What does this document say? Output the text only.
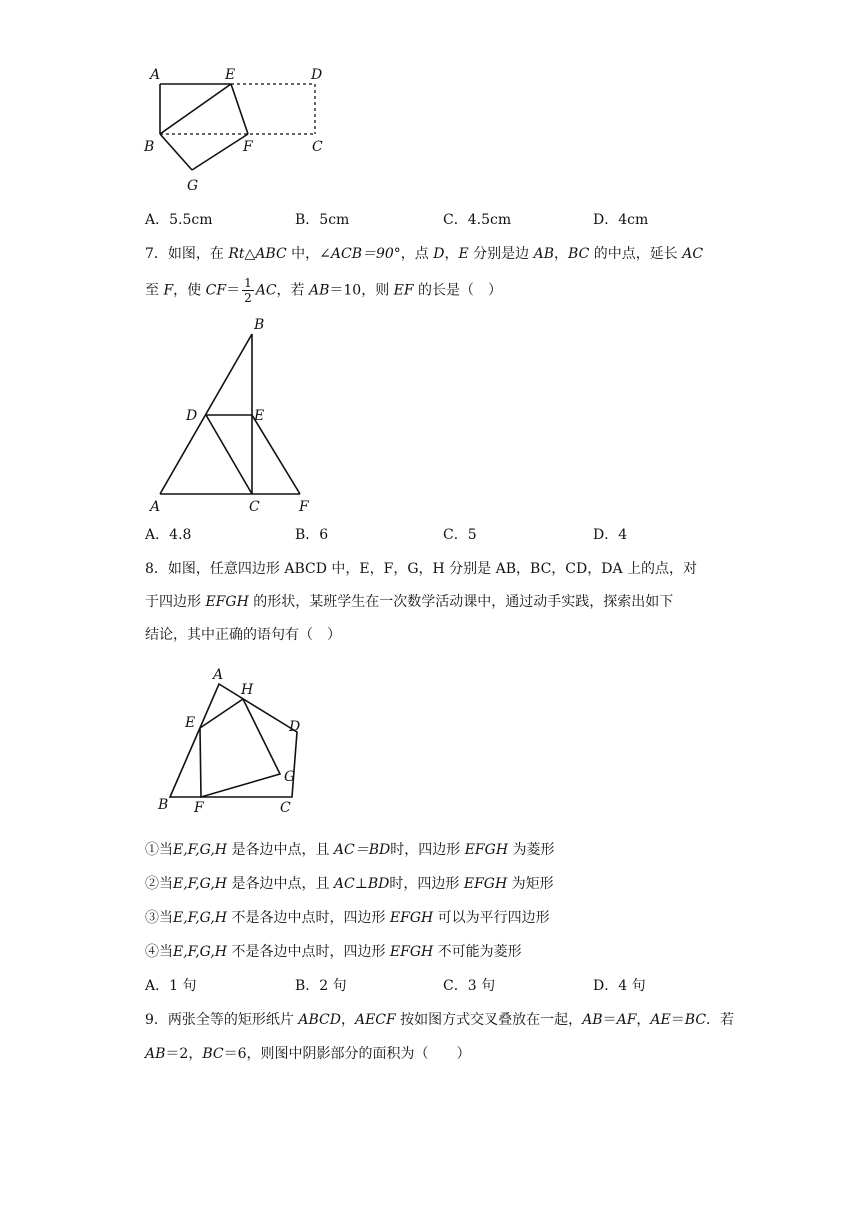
A	E	D
B	F	C
G
A．5.5cm	B．5cm	C．4.5cm	D．4cm
7．如图，在 Rt△ABC 中，∠ACB＝90°，点 D，E 分别是边 AB，BC 的中点，延长 AC
至 F，使 $CF= \frac{1}{2}$ AC，若 AB＝10，则 EF 的长是（　）
B
D	E
A	C	F
A．4.8	B．6	C．5	D．4
8．如图，任意四边形 ABCD 中，E，F，G，H 分别是 AB，BC，CD，DA 上的点，对
于四边形 EFGH 的形状，某班学生在一次数学活动课中，通过动手实践，探索出如下
结论，其中正确的语句有（　）
A
H
E	D
G
B F	C
①当E,F,G,H 是各边中点，且 AC＝BD时，四边形 EFGH 为菱形
②当E,F,G,H 是各边中点，且 AC⊥BD时，四边形 EFGH 为矩形
③当E,F,G,H 不是各边中点时，四边形 EFGH 可以为平行四边形
④当E,F,G,H 不是各边中点时，四边形 EFGH 不可能为菱形
A．1 句	B．2 句	C．3 句	D．4 句
9．两张全等的矩形纸片 ABCD，AECF 按如图方式交叉叠放在一起，AB＝AF，AE＝BC．若
AB＝2，BC＝6，则图中阴影部分的面积为（　　）
